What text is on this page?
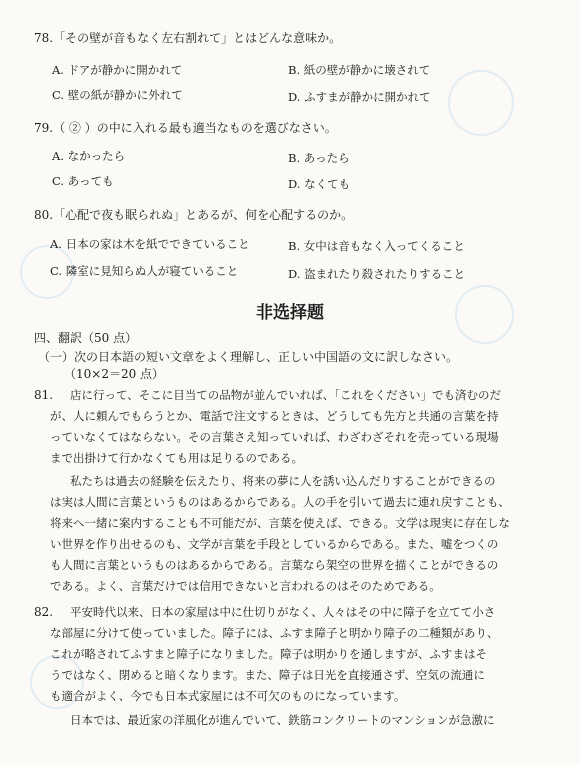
78.「その壁が音もなく左右割れて」とはどんな意味か。
A. ドアが静かに開かれて	B. 紙の壁が静かに壊されて
C. 壁の紙が静かに外れて	D. ふすまが静かに開かれて
79.（ ② ）の中に入れる最も適当なものを選びなさい。
A. なかったら	B. あったら
C. あっても	D. なくても
80.「心配で夜も眠られぬ」とあるが、何を心配するのか。
A. 日本の家は木を紙でできていること	B. 女中は音もなく入ってくること
C. 隣室に見知らぬ人が寝ていること	D. 盗まれたり殺されたりすること
非选择题
四、翻訳（50 点）
（一）次の日本語の短い文章をよく理解し、正しい中国語の文に訳しなさい。
（10×2＝20 点）
81. 店に行って、そこに目当ての品物が並んでいれば、「これをください」でも済むのだ
が、人に頼んでもらうとか、電話で注文するときは、どうしても先方と共通の言葉を持
っていなくてはならない。その言葉さえ知っていれば、わざわざそれを売っている現場
まで出掛けて行かなくても用は足りるのである。
私たちは過去の経験を伝えたり、将来の夢に人を誘い込んだりすることができるの
は実は人間に言葉というものはあるからである。人の手を引いて過去に連れ戻すことも、
将来へ一緒に案内することも不可能だが、言葉を使えば、できる。文学は現実に存在しな
い世界を作り出せるのも、文学が言葉を手段としているからである。また、嘘をつくの
も人間に言葉というものはあるからである。言葉なら架空の世界を描くことができるの
である。よく、言葉だけでは信用できないと言われるのはそのためである。
82. 平安時代以来、日本の家屋は中に仕切りがなく、人々はその中に障子を立てて小さ
な部屋に分けて使っていました。障子には、ふすま障子と明かり障子の二種類があり、
これが略されてふすまと障子になりました。障子は明かりを通しますが、ふすまはそ
うではなく、閉めると暗くなります。また、障子は日光を直接通さず、空気の流通に
も適合がよく、今でも日本式家屋には不可欠のものになっています。
日本では、最近家の洋風化が進んでいて、鉄筋コンクリートのマンションが急激に
